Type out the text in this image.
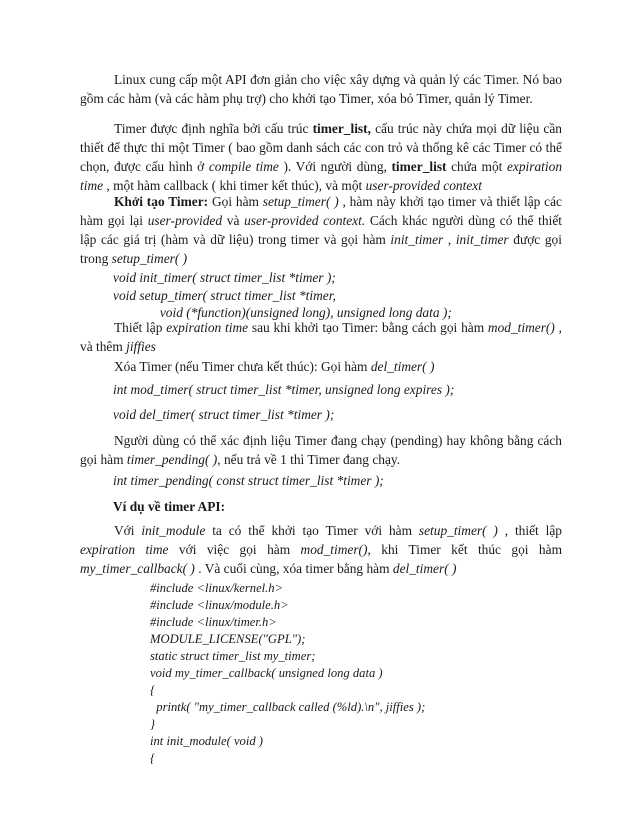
Linux cung cấp một API đơn giản cho việc xây dựng và quản lý các Timer. Nó bao gồm các hàm (và các hàm phụ trợ) cho khởi tạo Timer, xóa bỏ Timer, quản lý Timer.

Timer được định nghĩa bởi cấu trúc timer_list, cấu trúc này chứa mọi dữ liệu cần thiết để thực thi một Timer ( bao gồm danh sách các con trỏ và thống kê các Timer có thể chọn, được cấu hình ở compile time ). Với người dùng, timer_list chứa một expiration time , một hàm callback ( khi timer kết thúc), và một user-provided context

Khởi tạo Timer: Gọi hàm setup_timer( ) , hàm này khởi tạo timer và thiết lập các hàm gọi lại user-provided và user-provided context. Cách khác người dùng có thể thiết lập các giá trị (hàm và dữ liệu) trong timer và gọi hàm init_timer , init_timer được gọi trong setup_timer( )

void init_timer( struct timer_list *timer );
void setup_timer( struct timer_list *timer,
void (*function)(unsigned long), unsigned long data );

Thiết lập expiration time sau khi khởi tạo Timer: bằng cách gọi hàm mod_timer() , và thêm jiffies

Xóa Timer (nếu Timer chưa kết thúc): Gọi hàm del_timer( )

int mod_timer( struct timer_list *timer, unsigned long expires );

void del_timer( struct timer_list *timer );

Người dùng có thể xác định liệu Timer đang chạy (pending) hay không bằng cách gọi hàm timer_pending( ), nếu trả về 1 thì Timer đang chạy.

int timer_pending( const struct timer_list *timer );

Ví dụ về timer API:

Với init_module ta có thể khởi tạo Timer với hàm setup_timer( ) , thiết lập expiration time với việc gọi hàm mod_timer(), khi Timer kết thúc gọi hàm my_timer_callback( ) . Và cuối cùng, xóa timer bằng hàm del_timer( )

#include <linux/kernel.h>
#include <linux/module.h>
#include <linux/timer.h>
MODULE_LICENSE("GPL");
static struct timer_list my_timer;
void my_timer_callback( unsigned long data )
{
printk( "my_timer_callback called (%ld).\n", jiffies );
}
int init_module( void )
{
